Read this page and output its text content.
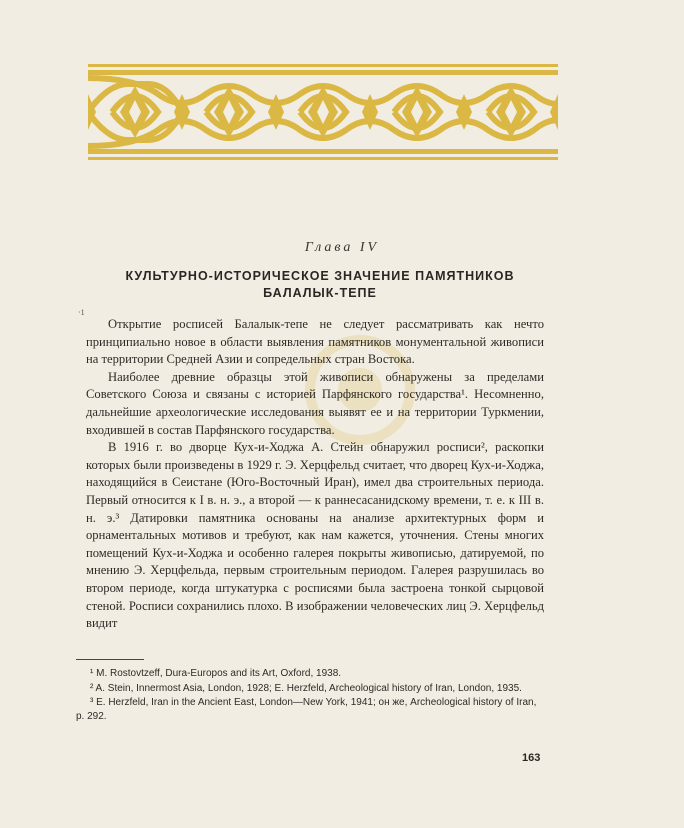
Глава IV
КУЛЬТУРНО-ИСТОРИЧЕСКОЕ ЗНАЧЕНИЕ ПАМЯТНИКОВ
БАЛАЛЫК-ТЕПЕ
·1

Открытие росписей Балалык-тепе не следует рассматривать как нечто принципиально новое в области выявления памятников монументальной живописи на территории Средней Азии и сопредельных стран Востока.

Наиболее древние образцы этой живописи обнаружены за пределами Советского Союза и связаны с историей Парфянского государства¹. Несомненно, дальнейшие археологические исследования выявят ее и на территории Туркмении, входившей в состав Парфянского государства.

В 1916 г. во дворце Кух-и-Ходжа А. Стейн обнаружил росписи², раскопки которых были произведены в 1929 г. Э. Херцфельд считает, что дворец Кух-и-Ходжа, находящийся в Сеистане (Юго-Восточный Иран), имел два строительных периода. Первый относится к I в. н. э., а второй — к раннесасанидскому времени, т. е. к III в. н. э.³ Датировки памятника основаны на анализе архитектурных форм и орнаментальных мотивов и требуют, как нам кажется, уточнения. Стены многих помещений Кух-и-Ходжа и особенно галерея покрыты живописью, датируемой, по мнению Э. Херцфельда, первым строительным периодом. Галерея разрушилась во втором периоде, когда штукатурка с росписями была застроена тонкой сырцовой стеной. Росписи сохранились плохо. В изображении человеческих лиц Э. Херцфельд видит

¹ M. Rostovtzeff, Dura-Europos and its Art, Oxford, 1938.

² A. Stein, Innermost Asia, London, 1928; E. Herzfeld, Archeological history of Iran, London, 1935.

³ E. Herzfeld, Iran in the Ancient East, London—New York, 1941; он же, Archeological history of Iran, p. 292.

163
